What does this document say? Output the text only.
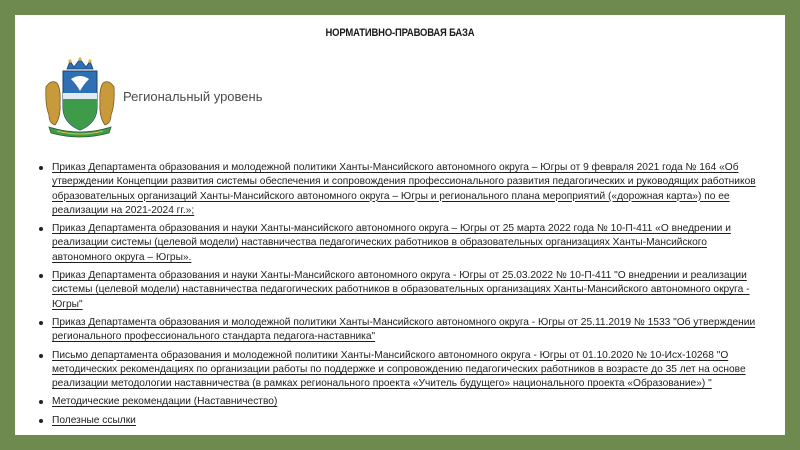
НОРМАТИВНО-ПРАВОВАЯ БАЗА
Региональный уровень
Приказ Департамента образования и молодежной политики Ханты-Мансийского автономного округа – Югры от 9 февраля 2021 года № 164 «Об утверждении Концепции развития системы обеспечения и сопровождения профессионального развития педагогических и руководящих работников образовательных организаций Ханты-Мансийского автономного округа – Югры и регионального плана мероприятий («дорожная карта») по ее реализации на 2021-2024 гг.»;
Приказ Департамента образования и науки Ханты-мансийского автономного округа – Югры от 25 марта 2022 года № 10-П-411 «О внедрении и реализации системы (целевой модели) наставничества педагогических работников в образовательных организациях Ханты-Мансийского автономного округа – Югры».
Приказ Департамента образования и науки Ханты-Мансийского автономного округа - Югры от 25.03.2022 № 10-П-411 "О внедрении и реализации системы (целевой модели) наставничества педагогических работников в образовательных организациях Ханты-Мансийского автономного округа - Югры"
Приказ Департамента образования и молодежной политики Ханты-Мансийского автономного округа - Югры от 25.11.2019 № 1533 "Об утверждении регионального профессионального стандарта педагога-наставника"
Письмо департамента образования и молодежной политики Ханты-Мансийского автономного округа - Югры от 01.10.2020 № 10-Исх-10268 "О методических рекомендациях по организации работы по поддержке и сопровождению педагогических работников в возрасте до 35 лет на основе реализации методологии наставничества (в рамках регионального проекта «Учитель будущего» национального проекта «Образование») "
Методические рекомендации (Наставничество)
Полезные ссылки
